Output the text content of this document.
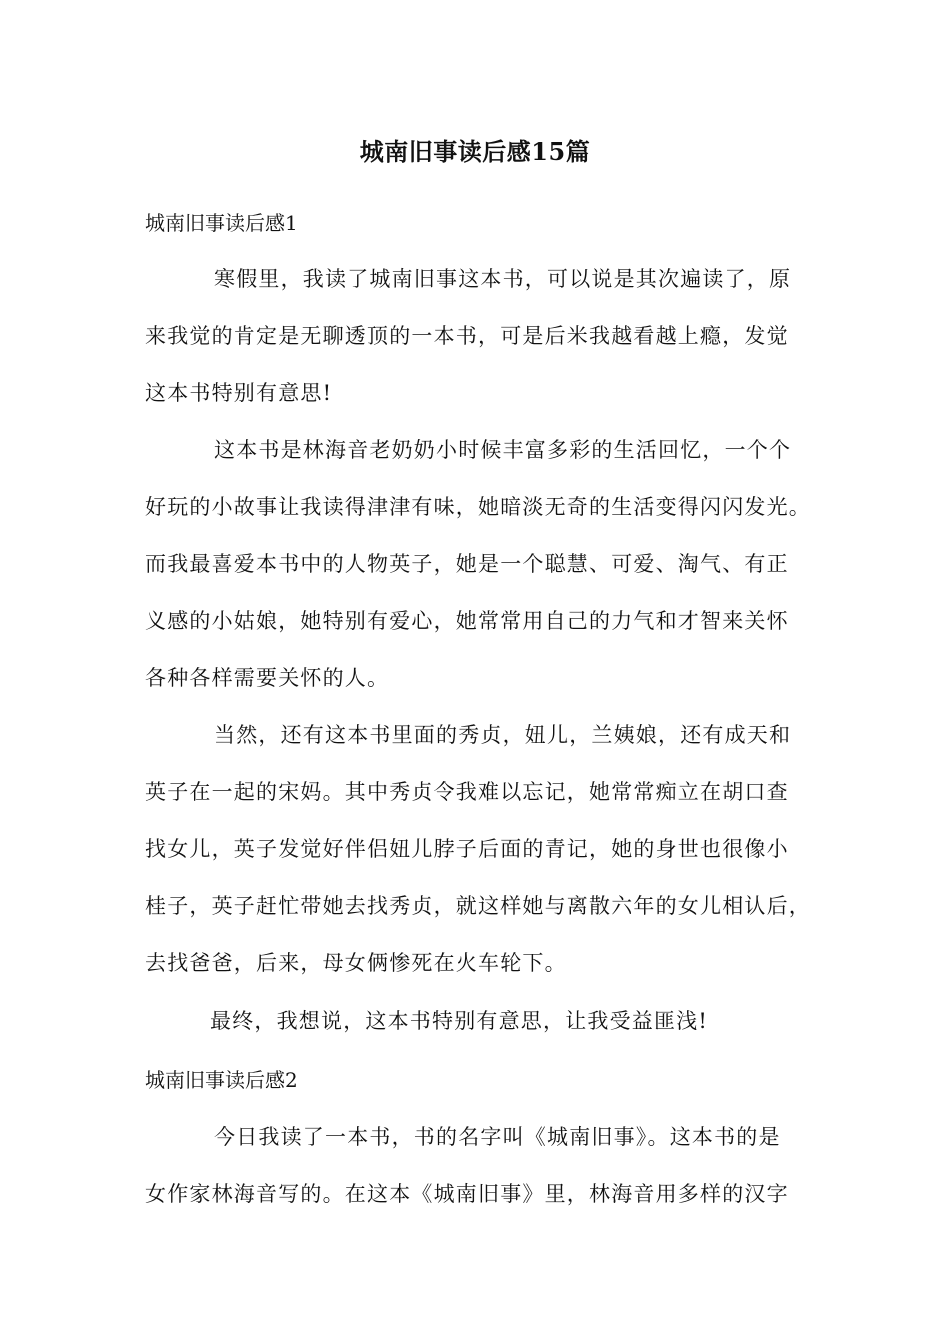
城南旧事读后感15篇
城南旧事读后感1
寒假里，我读了城南旧事这本书，可以说是其次遍读了，原
来我觉的肯定是无聊透顶的一本书，可是后米我越看越上瘾，发觉
这本书特别有意思!
这本书是林海音老奶奶小时候丰富多彩的生活回忆，一个个
好玩的小故事让我读得津津有味，她暗淡无奇的生活变得闪闪发光。
而我最喜爱本书中的人物英子，她是一个聪慧、可爱、淘气、有正
义感的小姑娘，她特别有爱心，她常常用自己的力气和才智来关怀
各种各样需要关怀的人。
当然，还有这本书里面的秀贞，妞儿，兰姨娘，还有成天和
英子在一起的宋妈。其中秀贞令我难以忘记，她常常痴立在胡口查
找女儿，英子发觉好伴侣妞儿脖子后面的青记，她的身世也很像小
桂子，英子赶忙带她去找秀贞，就这样她与离散六年的女儿相认后，
去找爸爸，后来，母女俩惨死在火车轮下。
最终，我想说，这本书特别有意思，让我受益匪浅!
城南旧事读后感2
今日我读了一本书，书的名字叫《城南旧事》。这本书的是
女作家林海音写的。在这本《城南旧事》里，林海音用多样的汉字
